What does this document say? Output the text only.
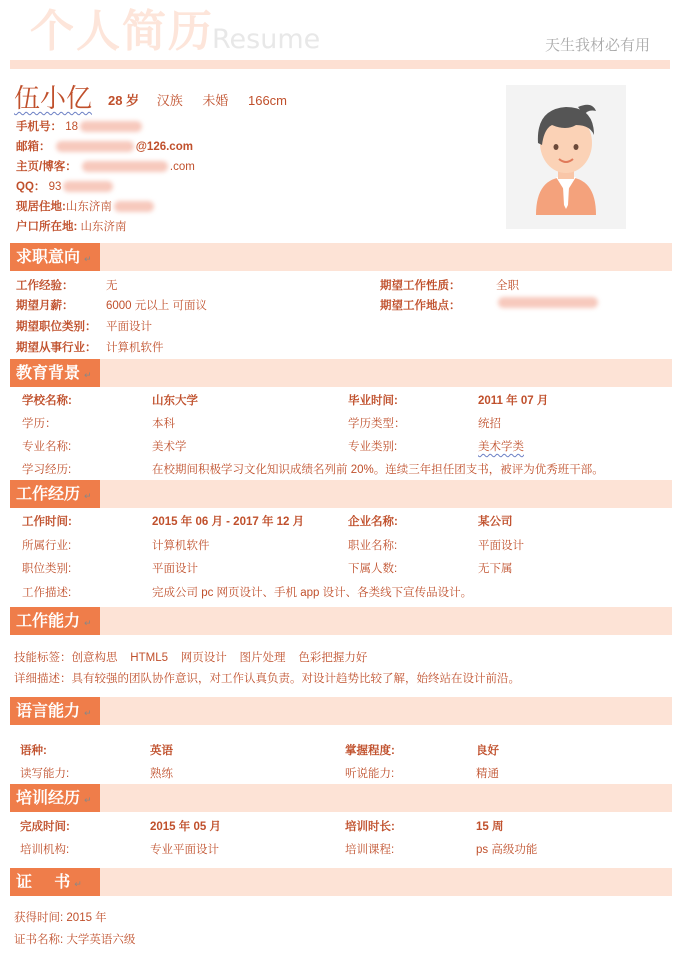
个人简历
Resume	天生我材必有用
伍小亿 28 岁 汉族 未婚 166cm
手机号： 18
邮箱：	@126.com
主页/博客：	.com
QQ： 93
现居住地:山东济南
户口所在地: 山东济南
求职意向 ↵
工作经验：	无	期望工作性质：	全职
期望月薪：	6000 元以上 可面议	期望工作地点：
期望职位类别： 平面设计
期望从事行业： 计算机软件
教育背景 ↵
学校名称:	山东大学	毕业时间:	2011 年 07 月
学历：	本科	学历类型：	统招
专业名称:	美术学	专业类别:	美术学类
学习经历:	在校期间积极学习文化知识成绩名列前 20%。连续三年担任团支书，被评为优秀班干部。
工作经历 ↵
工作时间:	2015 年 06 月 - 2017 年 12 月	企业名称:	某公司
所属行业:	计算机软件	职业名称:	平面设计
职位类别:	平面设计	下属人数:	无下属
工作描述:	完成公司 pc 网页设计、手机 app 设计、各类线下宣传品设计。
工作能力 ↵
技能标签：创意构思 HTML5 网页设计 图片处理 色彩把握力好
详细描述：具有较强的团队协作意识，对工作认真负责。对设计趋势比较了解，始终站在设计前沿。
语言能力 ↵
语种:	英语	掌握程度:	良好
读写能力:	熟练	听说能力:	精通
培训经历 ↵
完成时间:	2015 年 05 月	培训时长:	15 周
培训机构:	专业平面设计	培训课程:	ps 高级功能
证    书 ↵
获得时间: 2015 年
证书名称: 大学英语六级
